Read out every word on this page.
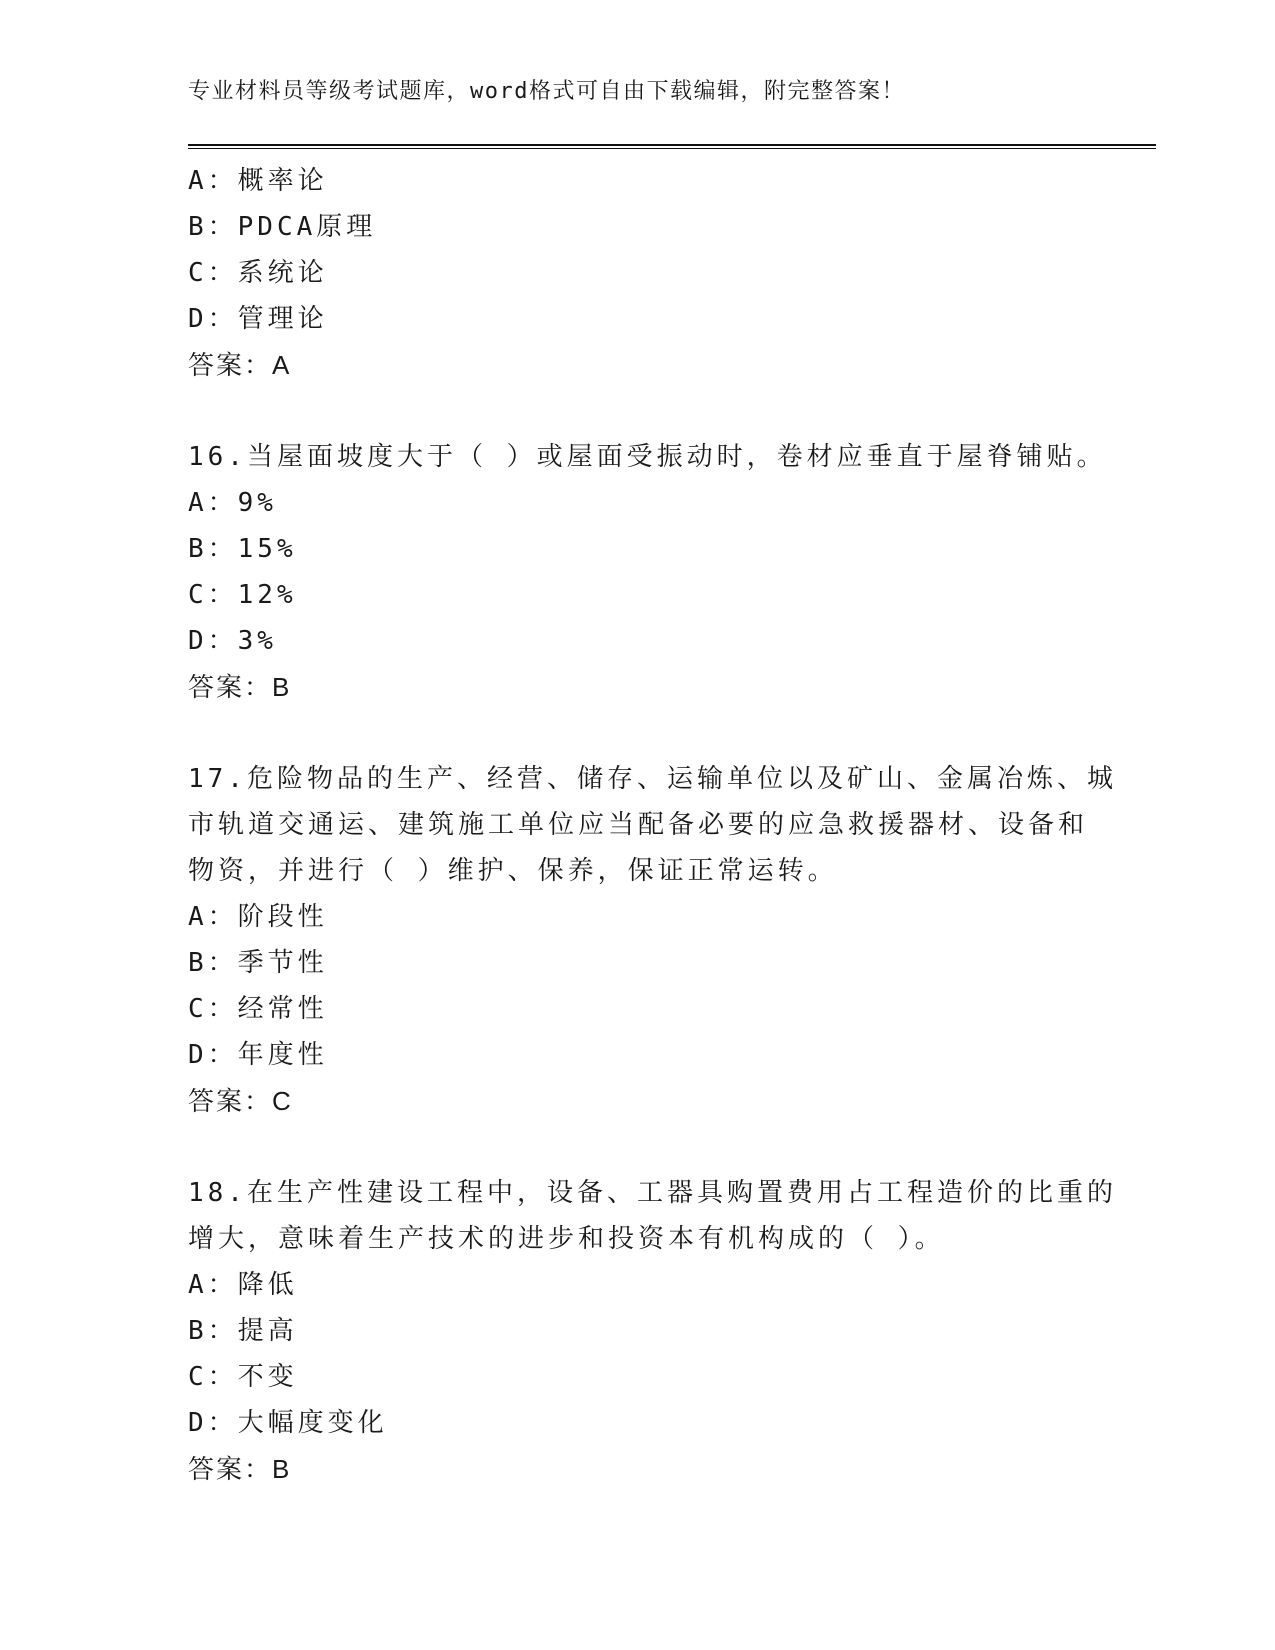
专业材料员等级考试题库，word格式可自由下载编辑，附完整答案！
A：概率论
B：PDCA原理
C：系统论
D：管理论
答案：A
16.当屋面坡度大于（ ）或屋面受振动时，卷材应垂直于屋脊铺贴。
A：9%
B：15%
C：12%
D：3%
答案：B
17.危险物品的生产、经营、储存、运输单位以及矿山、金属冶炼、城
市轨道交通运、建筑施工单位应当配备必要的应急救援器材、设备和
物资，并进行（ ）维护、保养，保证正常运转。
A：阶段性
B：季节性
C：经常性
D：年度性
答案：C
18.在生产性建设工程中，设备、工器具购置费用占工程造价的比重的
增大，意味着生产技术的进步和投资本有机构成的（ ）。
A：降低
B：提高
C：不变
D：大幅度变化
答案：B
